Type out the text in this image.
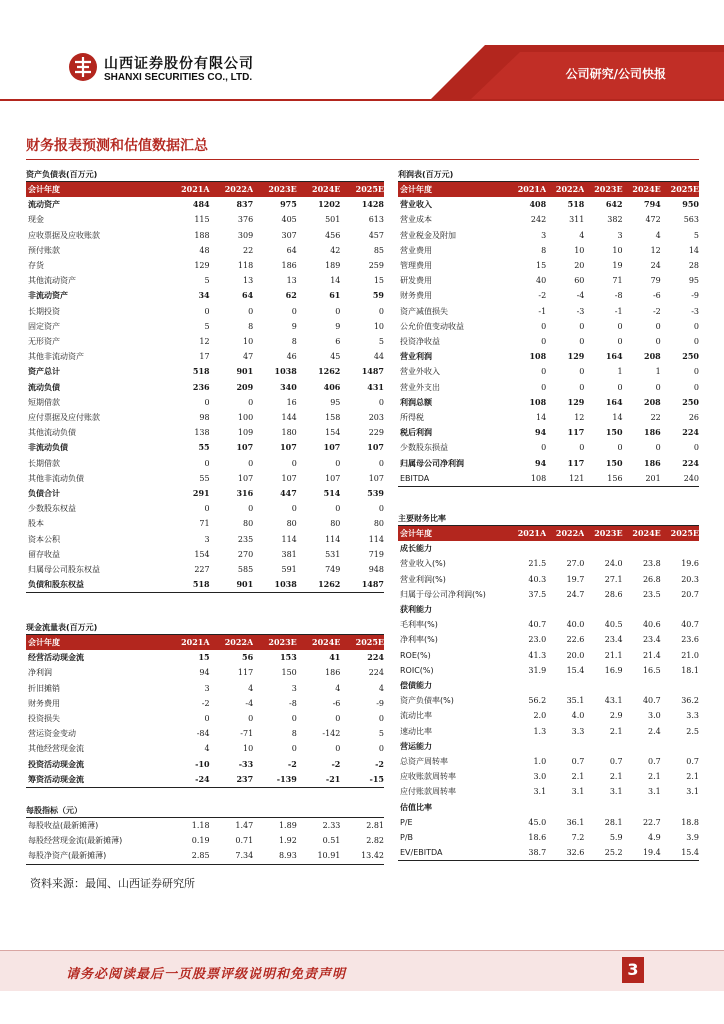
山西证券股份有限公司
SHANXI SECURITIES CO., LTD.	公司研究/公司快报
财务报表预测和估值数据汇总
资产负债表(百万元)
会计年度	2021A	2022A	2023E	2024E	2025E
流动资产	484	837	975	1202	1428
现金	115	376	405	501	613
应收票据及应收账款	188	309	307	456	457
预付账款	48	22	64	42	85
存货	129	118	186	189	259
其他流动资产	5	13	13	14	15
非流动资产	34	64	62	61	59
长期投资	0	0	0	0	0
固定资产	5	8	9	9	10
无形资产	12	10	8	6	5
其他非流动资产	17	47	46	45	44
资产总计	518	901	1038	1262	1487
流动负债	236	209	340	406	431
短期借款	0	0	16	95	0
应付票据及应付账款	98	100	144	158	203
其他流动负债	138	109	180	154	229
非流动负债	55	107	107	107	107
长期借款	0	0	0	0	0
其他非流动负债	55	107	107	107	107
负债合计	291	316	447	514	539
少数股东权益	0	0	0	0	0
股本	71	80	80	80	80
资本公积	3	235	114	114	114
留存收益	154	270	381	531	719
归属母公司股东权益	227	585	591	749	948
负债和股东权益	518	901	1038	1262	1487
现金流量表(百万元)
会计年度	2021A	2022A	2023E	2024E	2025E
经营活动现金流	15	56	153	41	224
净利润	94	117	150	186	224
折旧摊销	3	4	3	4	4
财务费用	-2	-4	-8	-6	-9
投资损失	0	0	0	0	0
营运资金变动	-84	-71	8	-142	5
其他经营现金流	4	10	0	0	0
投资活动现金流	-10	-33	-2	-2	-2
筹资活动现金流	-24	237	-139	-21	-15
每股指标（元）
每股收益(最新摊薄)	1.18	1.47	1.89	2.33	2.81
每股经营现金流(最新摊薄)	0.19	0.71	1.92	0.51	2.82
每股净资产(最新摊薄)	2.85	7.34	8.93	10.91	13.42
利润表(百万元)
会计年度	2021A	2022A	2023E	2024E	2025E
营业收入	408	518	642	794	950
营业成本	242	311	382	472	563
营业税金及附加	3	4	3	4	5
营业费用	8	10	10	12	14
管理费用	15	20	19	24	28
研发费用	40	60	71	79	95
财务费用	-2	-4	-8	-6	-9
资产减值损失	-1	-3	-1	-2	-3
公允价值变动收益	0	0	0	0	0
投资净收益	0	0	0	0	0
营业利润	108	129	164	208	250
营业外收入	0	0	1	1	0
营业外支出	0	0	0	0	0
利润总额	108	129	164	208	250
所得税	14	12	14	22	26
税后利润	94	117	150	186	224
少数股东损益	0	0	0	0	0
归属母公司净利润	94	117	150	186	224
EBITDA	108	121	156	201	240
主要财务比率
会计年度	2021A	2022A	2023E	2024E	2025E
成长能力					
营业收入(%)	21.5	27.0	24.0	23.8	19.6
营业利润(%)	40.3	19.7	27.1	26.8	20.3
归属于母公司净利润(%)	37.5	24.7	28.6	23.5	20.7
获利能力					
毛利率(%)	40.7	40.0	40.5	40.6	40.7
净利率(%)	23.0	22.6	23.4	23.4	23.6
ROE(%)	41.3	20.0	21.1	21.4	21.0
ROIC(%)	31.9	15.4	16.9	16.5	18.1
偿债能力					
资产负债率(%)	56.2	35.1	43.1	40.7	36.2
流动比率	2.0	4.0	2.9	3.0	3.3
速动比率	1.3	3.3	2.1	2.4	2.5
营运能力					
总资产周转率	1.0	0.7	0.7	0.7	0.7
应收账款周转率	3.0	2.1	2.1	2.1	2.1
应付账款周转率	3.1	3.1	3.1	3.1	3.1
估值比率					
P/E	45.0	36.1	28.1	22.7	18.8
P/B	18.6	7.2	5.9	4.9	3.9
EV/EBITDA	38.7	32.6	25.2	19.4	15.4
资料来源：最闻、山西证券研究所
请务必阅读最后一页股票评级说明和免责声明	3
